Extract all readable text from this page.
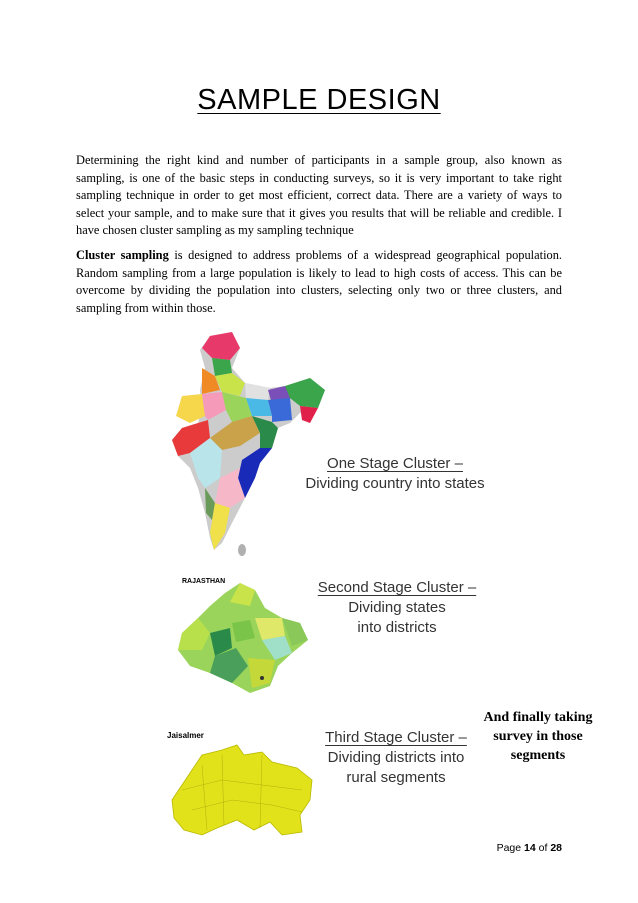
SAMPLE DESIGN

Determining the right kind and number of participants in a sample group, also known as sampling, is one of the basic steps in conducting surveys, so it is very important to take right sampling technique in order to get most efficient, correct data. There are a variety of ways to select your sample, and to make sure that it gives you results that will be reliable and credible. I have chosen cluster sampling as my sampling technique

Cluster sampling is designed to address problems of a widespread geographical population. Random sampling from a large population is likely to lead to high costs of access. This can be overcome by dividing the population into clusters, selecting only two or three clusters, and sampling from within those.

One Stage Cluster –
Dividing country into states
RAJASTHAN	Second Stage Cluster –
Dividing states
into districts
Jaisalmer	Third Stage Cluster –
Dividing districts into
rural segments
And finally taking
survey in those
segments
Page 14 of 28
